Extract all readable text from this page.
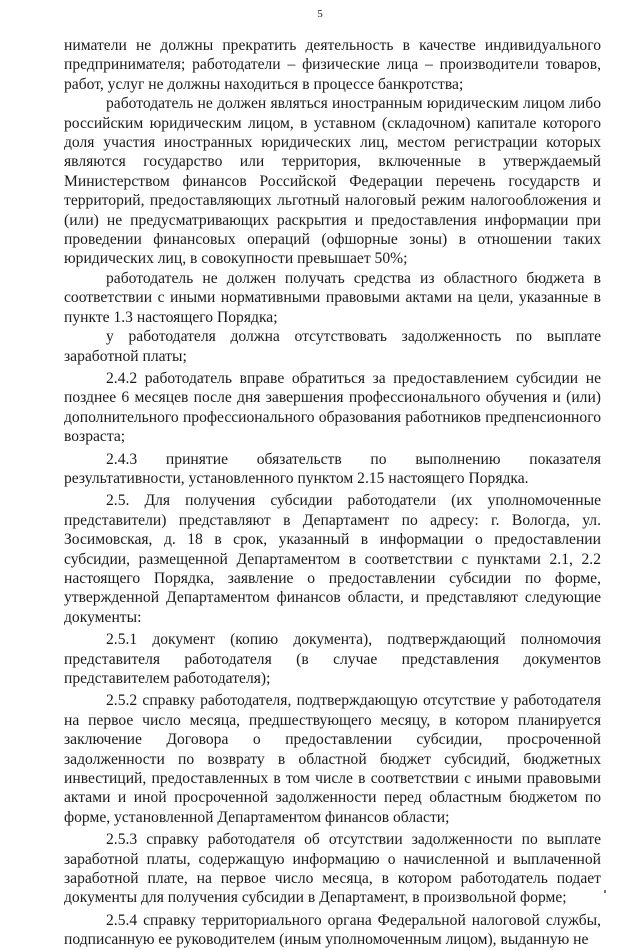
5

ниматели не должны прекратить деятельность в качестве индивидуального предпринимателя; работодатели – физические лица – производители товаров, работ, услуг не должны находиться в процессе банкротства;

работодатель не должен являться иностранным юридическим лицом либо российским юридическим лицом, в уставном (складочном) капитале которого доля участия иностранных юридических лиц, местом регистрации которых являются государство или территория, включенные в утверждаемый Министерством финансов Российской Федерации перечень государств и территорий, предоставляющих льготный налоговый режим налогообложения и (или) не предусматривающих раскрытия и предоставления информации при проведении финансовых операций (офшорные зоны) в отношении таких юридических лиц, в совокупности превышает 50%;

работодатель не должен получать средства из областного бюджета в соответствии с иными нормативными правовыми актами на цели, указанные в пункте 1.3 настоящего Порядка;

у работодателя должна отсутствовать задолженность по выплате заработной платы;

2.4.2 работодатель вправе обратиться за предоставлением субсидии не позднее 6 месяцев после дня завершения профессионального обучения и (или) дополнительного профессионального образования работников предпенсионного возраста;

2.4.3 принятие обязательств по выполнению показателя результативности, установленного пунктом 2.15 настоящего Порядка.

2.5. Для получения субсидии работодатели (их уполномоченные представители) представляют в Департамент по адресу: г. Вологда, ул. Зосимовская, д. 18 в срок, указанный в информации о предоставлении субсидии, размещенной Департаментом в соответствии с пунктами 2.1, 2.2 настоящего Порядка, заявление о предоставлении субсидии по форме, утвержденной Департаментом финансов области, и представляют следующие документы:

2.5.1 документ (копию документа), подтверждающий полномочия представителя работодателя (в случае представления документов представителем работодателя);

2.5.2 справку работодателя, подтверждающую отсутствие у работодателя на первое число месяца, предшествующего месяцу, в котором планируется заключение Договора о предоставлении субсидии, просроченной задолженности по возврату в областной бюджет субсидий, бюджетных инвестиций, предоставленных в том числе в соответствии с иными правовыми актами и иной просроченной задолженности перед областным бюджетом по форме, установленной Департаментом финансов области;

2.5.3 справку работодателя об отсутствии задолженности по выплате заработной платы, содержащую информацию о начисленной и выплаченной заработной плате, на первое число месяца, в котором работодатель подает документы для получения субсидии в Департамент, в произвольной форме;

2.5.4 справку территориального органа Федеральной налоговой службы, подписанную ее руководителем (иным уполномоченным лицом), выданную не
